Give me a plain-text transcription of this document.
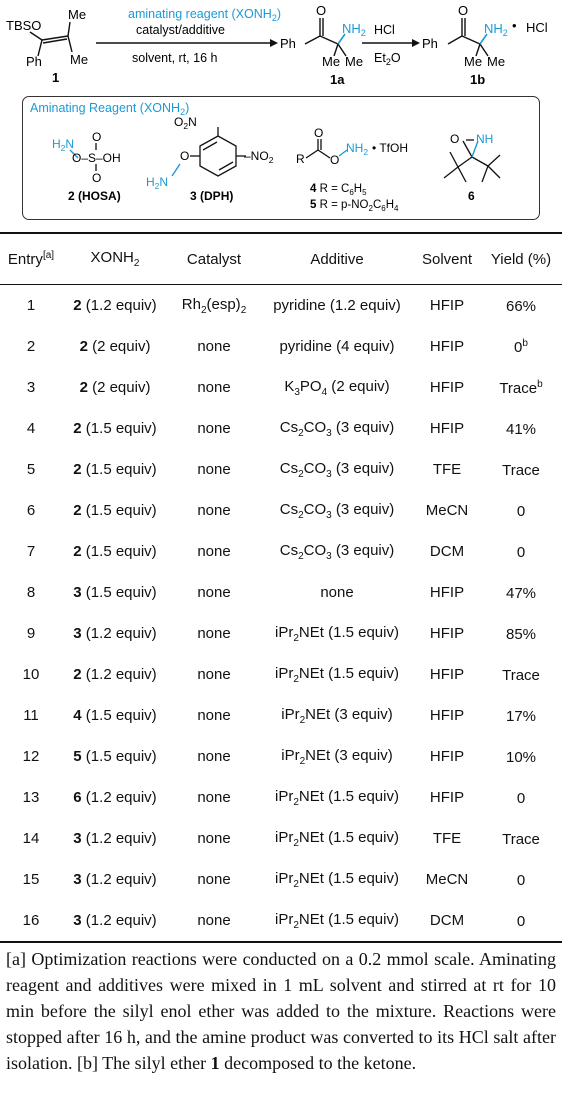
TBSO
Me
Ph Me
1
aminating reagent $(XONH_2)$
catalyst/additive
solvent, rt, 16 h
O
Ph
$NH_2$
Me Me
1a
HCl
$Et_2O$
O
Ph
$NH_2$ • HCl
Me Me
1b
Aminating Reagent $(XONH_2)$
$H_2N$ O
O–S–OH
O
2 (HOSA)
$O_2N$
O
$H_2N$
$-NO_2$
3 (DPH)
O
R O
$NH_2$ • TfOH
4 $R = C_6H_5$
5 $R = p-NO_2C_6H_4$
O NH
6
Entry[a]	$XONH_2$	Catalyst	Additive	Solvent	Yield (%)
1	2 (1.2 equiv)	$Rh_2(esp)_2$	pyridine (1.2 equiv)	HFIP	66%
2	2 (2 equiv)	none	pyridine (4 equiv)	HFIP	0$^b$
3	2 (2 equiv)	none	$K_3PO_4$ (2 equiv)	HFIP	Trace$^b$
4	2 (1.5 equiv)	none	$Cs_2CO_3$ (3 equiv)	HFIP	41%
5	2 (1.5 equiv)	none	$Cs_2CO_3$ (3 equiv)	TFE	Trace
6	2 (1.5 equiv)	none	$Cs_2CO_3$ (3 equiv)	MeCN	0
7	2 (1.5 equiv)	none	$Cs_2CO_3$ (3 equiv)	DCM	0
8	3 (1.5 equiv)	none	none	HFIP	47%
9	3 (1.2 equiv)	none	iPr$_2$NEt (1.5 equiv)	HFIP	85%
10	2 (1.2 equiv)	none	iPr$_2$NEt (1.5 equiv)	HFIP	Trace
11	4 (1.5 equiv)	none	iPr$_2$NEt (3 equiv)	HFIP	17%
12	5 (1.5 equiv)	none	iPr$_2$NEt (3 equiv)	HFIP	10%
13	6 (1.2 equiv)	none	iPr$_2$NEt (1.5 equiv)	HFIP	0
14	3 (1.2 equiv)	none	iPr$_2$NEt (1.5 equiv)	TFE	Trace
15	3 (1.2 equiv)	none	iPr$_2$NEt (1.5 equiv)	MeCN	0
16	3 (1.2 equiv)	none	iPr$_2$NEt (1.5 equiv)	DCM	0

[a] Optimization reactions were conducted on a 0.2 mmol scale. Aminating reagent and additives were mixed in 1 mL solvent and stirred at rt for 10 min before the silyl enol ether was added to the mixture. Reactions were stopped after 16 h, and the amine product was converted to its HCl salt after isolation. [b] The silyl ether 1 decomposed to the ketone.
